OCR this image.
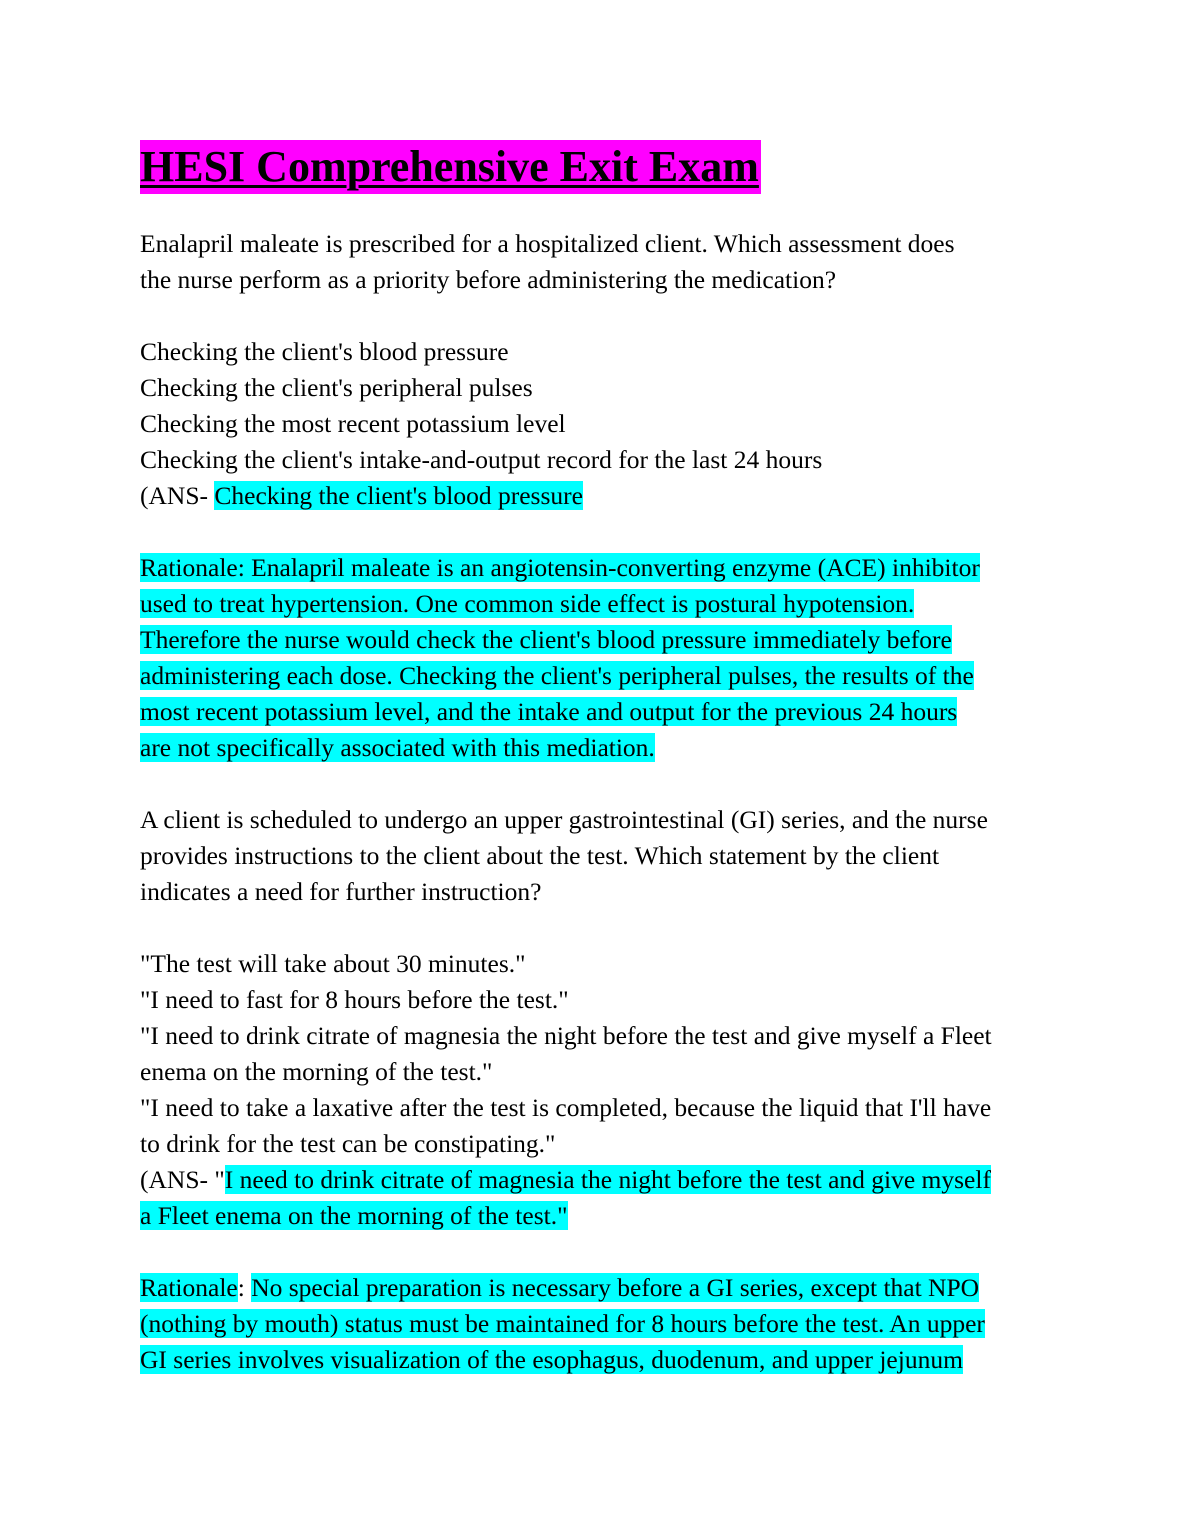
HESI Comprehensive Exit Exam
Enalapril maleate is prescribed for a hospitalized client. Which assessment does
the nurse perform as a priority before administering the medication?
Checking the client's blood pressure
Checking the client's peripheral pulses
Checking the most recent potassium level
Checking the client's intake-and-output record for the last 24 hours
(ANS- Checking the client's blood pressure
Rationale: Enalapril maleate is an angiotensin-converting enzyme (ACE) inhibitor
used to treat hypertension. One common side effect is postural hypotension.
Therefore the nurse would check the client's blood pressure immediately before
administering each dose. Checking the client's peripheral pulses, the results of the
most recent potassium level, and the intake and output for the previous 24 hours
are not specifically associated with this mediation.
A client is scheduled to undergo an upper gastrointestinal (GI) series, and the nurse
provides instructions to the client about the test. Which statement by the client
indicates a need for further instruction?
"The test will take about 30 minutes."
"I need to fast for 8 hours before the test."
"I need to drink citrate of magnesia the night before the test and give myself a Fleet
enema on the morning of the test."
"I need to take a laxative after the test is completed, because the liquid that I'll have
to drink for the test can be constipating."
(ANS- "I need to drink citrate of magnesia the night before the test and give myself
a Fleet enema on the morning of the test."
Rationale: No special preparation is necessary before a GI series, except that NPO
(nothing by mouth) status must be maintained for 8 hours before the test. An upper
GI series involves visualization of the esophagus, duodenum, and upper jejunum
